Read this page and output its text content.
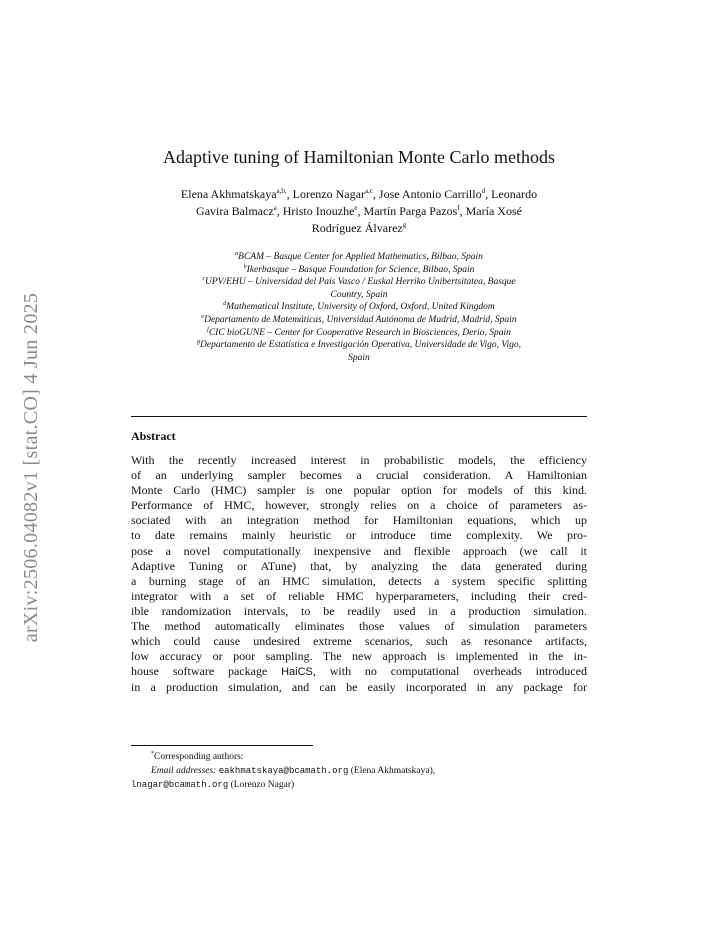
arXiv:2506.04082v1 [stat.CO] 4 Jun 2025
Adaptive tuning of Hamiltonian Monte Carlo methods
Elena Akhmatskaya$^{a,b,}$, Lorenzo Nagar$^{a,c}$, Jose Antonio Carrillo$^d$, Leonardo
Gavira Balmacz$^a$, Hristo Inouzhe$^e$, Martín Parga Pazos$^f$, María Xosé
Rodríguez Álvarez$^g$
$^a$BCAM – Basque Center for Applied Mathematics, Bilbao, Spain
$^b$Ikerbasque – Basque Foundation for Science, Bilbao, Spain
$^c$UPV/EHU – Universidad del País Vasco / Euskal Herriko Unibertsitatea, Basque
Country, Spain
$^d$Mathematical Institute, University of Oxford, Oxford, United Kingdom
$^e$Departamento de Matemáticas, Universidad Autónoma de Madrid, Madrid, Spain
$^f$CIC bioGUNE – Center for Cooperative Research in Biosciences, Derio, Spain
$^g$Departamento de Estatística e Investigación Operativa, Universidade de Vigo, Vigo,
Spain
Abstract
With the recently increased interest in probabilistic models, the efficiency
of an underlying sampler becomes a crucial consideration. A Hamiltonian
Monte Carlo (HMC) sampler is one popular option for models of this kind.
Performance of HMC, however, strongly relies on a choice of parameters as-
sociated with an integration method for Hamiltonian equations, which up
to date remains mainly heuristic or introduce time complexity. We pro-
pose a novel computationally inexpensive and flexible approach (we call it
Adaptive Tuning or ATune) that, by analyzing the data generated during
a burning stage of an HMC simulation, detects a system specific splitting
integrator with a set of reliable HMC hyperparameters, including their cred-
ible randomization intervals, to be readily used in a production simulation.
The method automatically eliminates those values of simulation parameters
which could cause undesired extreme scenarios, such as resonance artifacts,
low accuracy or poor sampling. The new approach is implemented in the in-
house software package HaiCS, with no computational overheads introduced
in a production simulation, and can be easily incorporated in any package for
*Corresponding authors:
Email addresses: eakhmatskaya@bcamath.org (Elena Akhmatskaya),
lnagar@bcamath.org (Lorenzo Nagar)
